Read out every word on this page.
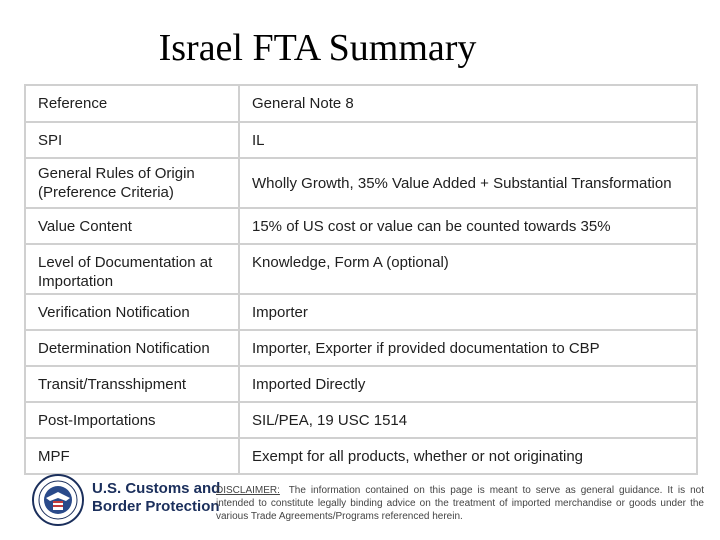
Israel FTA Summary
Reference	General Note 8
SPI	IL
General Rules of Origin (Preference Criteria)	Wholly Growth, 35% Value Added + Substantial Transformation
Value Content	15% of US cost or value can be counted towards 35%
Level of Documentation at Importation	Knowledge, Form A (optional)
Verification Notification	Importer
Determination Notification	Importer, Exporter if provided documentation to CBP
Transit/Transshipment	Imported Directly
Post-Importations	SIL/PEA, 19 USC 1514
MPF	Exempt for all products, whether or not originating
U.S. Customs and
Border Protection
DISCLAIMER: The information contained on this page is meant to serve as general guidance. It is not intended to constitute legally binding advice on the treatment of imported merchandise or goods under the various Trade Agreements/Programs referenced herein.
